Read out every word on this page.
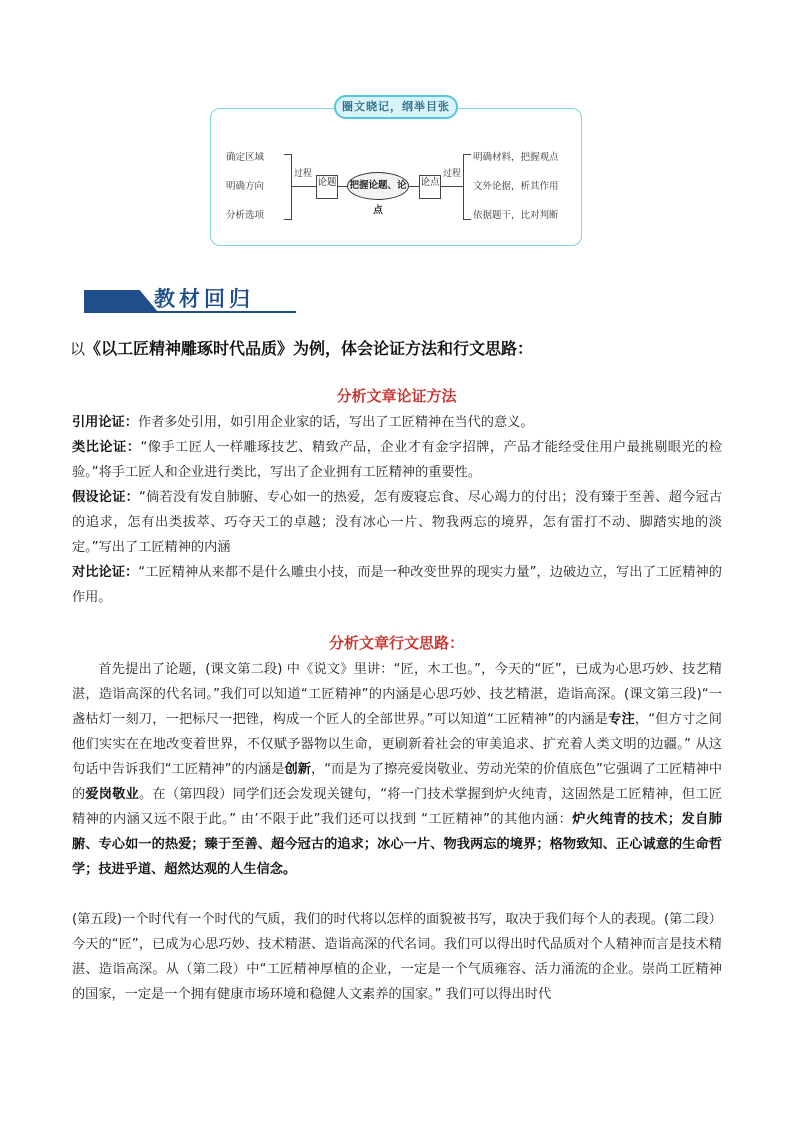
圈文晓记，纲举目张
确定区域
明确方向
分析选项
过程
论题 把握论题、论点
论点
过程
明确材料，把握观点
文外论据，析其作用
依据题干，比对判断
教材回归
以《以工匠精神雕琢时代品质》为例，体会论证方法和行文思路：
分析文章论证方法
引用论证：作者多处引用，如引用企业家的话，写出了工匠精神在当代的意义。
类比论证：“像手工匠人一样雕琢技艺、精致产品，企业才有金字招牌，产品才能经受住用户最挑剔眼光的检验。”将手工匠人和企业进行类比，写出了企业拥有工匠精神的重要性。
假设论证：“倘若没有发自肺腑、专心如一的热爱，怎有废寝忘食、尽心竭力的付出；没有臻于至善、超今冠古的追求，怎有出类拔萃、巧夺天工的卓越；没有冰心一片、物我两忘的境界，怎有雷打不动、脚踏实地的淡定。”写出了工匠精神的内涵
对比论证：“工匠精神从来都不是什么雕虫小技，而是一种改变世界的现实力量”，边破边立，写出了工匠精神的作用。
分析文章行文思路：
首先提出了论题，(课文第二段) 中《说文》里讲：“匠，木工也。”，今天的“匠”，已成为心思巧妙、技艺精湛，造诣高深的代名词。”我们可以知道“工匠精神”的内涵是心思巧妙、技艺精湛，造诣高深。(课文第三段)“一盏枯灯一刻刀，一把标尺一把锉，构成一个匠人的全部世界。”可以知道“工匠精神”的内涵是专注，“但方寸之间他们实实在在地改变着世界，不仅赋予器物以生命，更刷新着社会的审美追求、扩充着人类文明的边疆。” 从这句话中告诉我们“工匠精神”的内涵是创新，“而是为了擦亮爱岗敬业、劳动光荣的价值底色”它强调了工匠精神中的爱岗敬业。在（第四段）同学们还会发现关键句，“将一门技术掌握到炉火纯青，这固然是工匠精神，但工匠精神的内涵又远不限于此。” 由’不限于此”我们还可以找到 “工匠精神”的其他内涵：炉火纯青的技术；发自肺腑、专心如一的热爱；臻于至善、超今冠古的追求；冰心一片、物我两忘的境界；格物致知、正心诚意的生命哲学；技进乎道、超然达观的人生信念。
(第五段)一个时代有一个时代的气质，我们的时代将以怎样的面貌被书写，取决于我们每个人的表现。(第二段）今天的“匠”，已成为心思巧妙、技术精湛、造诣高深的代名词。我们可以得出时代品质对个人精神而言是技术精湛、造诣高深。从（第二段）中“工匠精神厚植的企业，一定是一个气质雍容、活力涌流的企业。崇尚工匠精神的国家，一定是一个拥有健康市场环境和稳健人文素养的国家。” 我们可以得出时代
